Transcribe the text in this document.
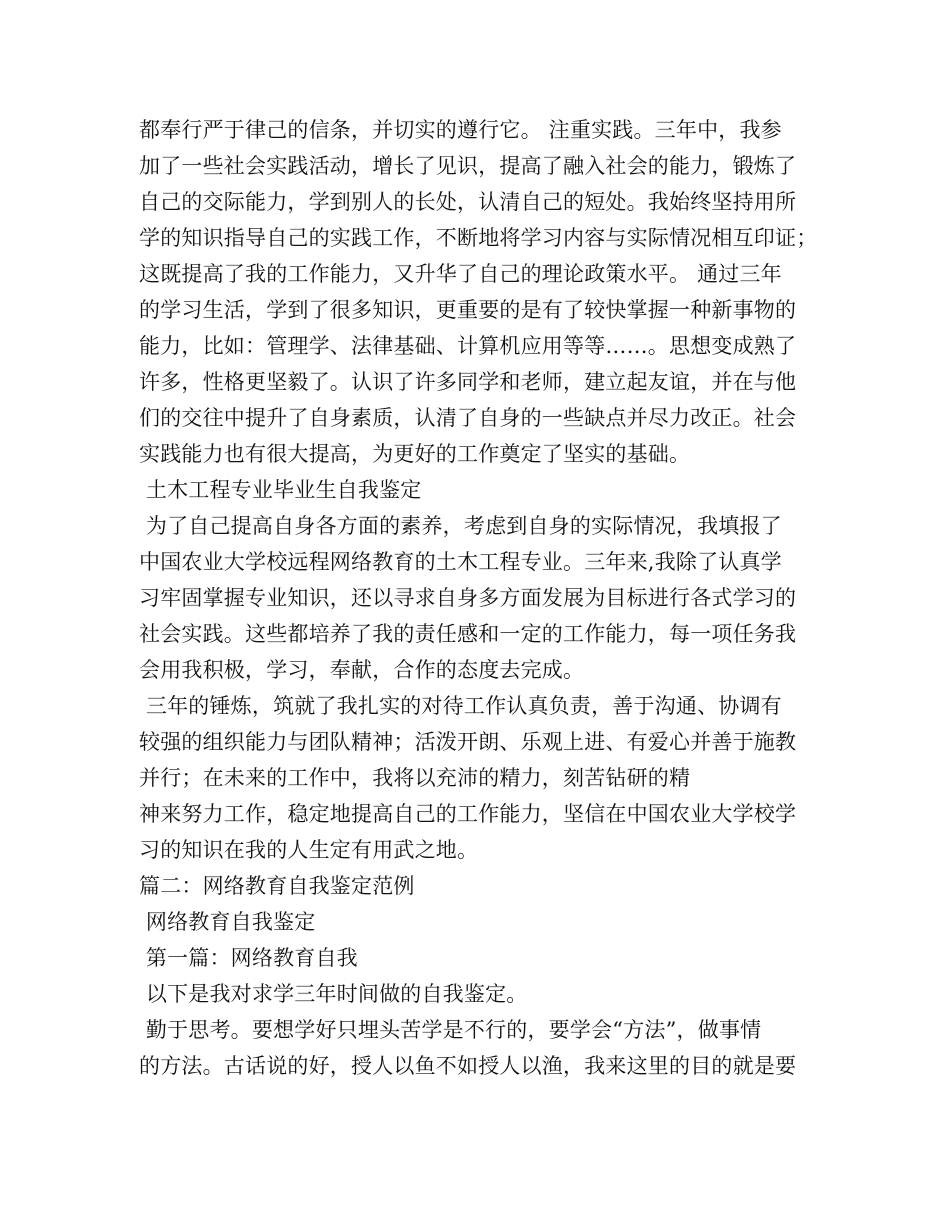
都奉行严于律己的信条，并切实的遵行它。 注重实践。三年中，我参
加了一些社会实践活动，增长了见识，提高了融入社会的能力，锻炼了
自己的交际能力，学到别人的长处，认清自己的短处。我始终坚持用所
学的知识指导自己的实践工作，不断地将学习内容与实际情况相互印证；
这既提高了我的工作能力，又升华了自己的理论政策水平。 通过三年
的学习生活，学到了很多知识，更重要的是有了较快掌握一种新事物的
能力，比如：管理学、法律基础、计算机应用等等……。思想变成熟了
许多，性格更坚毅了。认识了许多同学和老师，建立起友谊，并在与他
们的交往中提升了自身素质，认清了自身的一些缺点并尽力改正。社会
实践能力也有很大提高，为更好的工作奠定了坚实的基础。
土木工程专业毕业生自我鉴定
为了自己提高自身各方面的素养，考虑到自身的实际情况，我填报了
中国农业大学校远程网络教育的土木工程专业。三年来,我除了认真学
习牢固掌握专业知识，还以寻求自身多方面发展为目标进行各式学习的
社会实践。这些都培养了我的责任感和一定的工作能力，每一项任务我
会用我积极，学习，奉献，合作的态度去完成。
三年的锤炼，筑就了我扎实的对待工作认真负责，善于沟通、协调有
较强的组织能力与团队精神；活泼开朗、乐观上进、有爱心并善于施教
并行；在未来的工作中，我将以充沛的精力，刻苦钻研的精
神来努力工作，稳定地提高自己的工作能力，坚信在中国农业大学校学
习的知识在我的人生定有用武之地。
篇二：网络教育自我鉴定范例
网络教育自我鉴定
第一篇：网络教育自我
以下是我对求学三年时间做的自我鉴定。
勤于思考。要想学好只埋头苦学是不行的，要学会“方法”，做事情
的方法。古话说的好，授人以鱼不如授人以渔，我来这里的目的就是要
